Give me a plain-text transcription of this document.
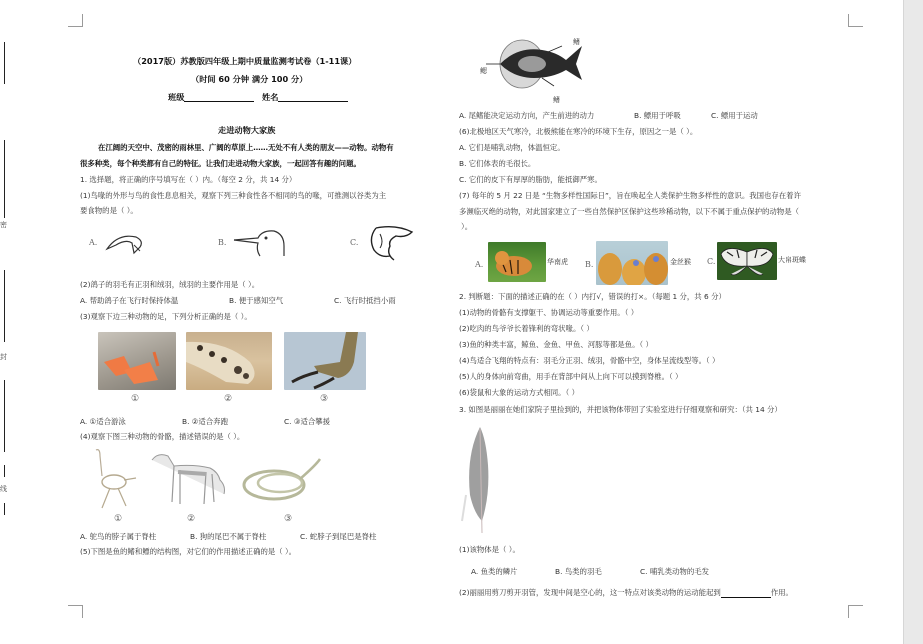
密
封
线
（2017版）苏教版四年级上期中质量监测考试卷（1-11课）
（时间 60 分钟 满分 100 分）
班级	姓名
走进动物大家族
在江阔的天空中、茂密的雨林里、广阔的草原上……无处不有人类的朋友——动物。动物有
很多种类，每个种类都有自己的特征。让我们走进动物大家族，一起回答有趣的问题。
1. 选择题，将正确的序号填写在（ ）内。（每空 2 分，共 14 分）
(1)鸟喙的外形与鸟的食性息息相关，观察下列三种食性各不相同的鸟的喙，可推测以谷类为主
要食物的是（ ）。
A.	B.	C.
(2)鸽子的羽毛有正羽和绒羽，绒羽的主要作用是（ ）。
A. 帮助鸽子在飞行时保持体温	B. 便于感知空气	C. 飞行时抵挡小雨
(3)观察下边三种动物的足，下列分析正确的是（ ）。
①	②	③
A. ①适合游泳	B. ②适合奔跑	C. ③适合攀援
(4)观察下图三种动物的骨骼，描述错误的是（ ）。
①	②	③
A. 鸵鸟的脖子属于脊柱	B. 狗的尾巴不属于脊柱	C. 蛇脖子到尾巴是脊柱
(5)下图是鱼的鳍和鳔的结构图，对它们的作用描述正确的是（ ）。
鳍
鳃
鳍
A. 尾鳍能决定运动方向，产生前进的动力	B. 鳔用于呼吸	C. 鳔用于运动
(6)北极地区天气寒冷，北极熊能在寒冷的环境下生存，原因之一是（ ）。
A. 它们是哺乳动物，体温恒定。
B. 它们体表的毛很长。
C. 它们的皮下有厚厚的脂肪，能抵御严寒。
(7) 每年的 5 月 22 日是 “生物多样性国际日”，旨在唤起全人类保护生物多样性的意识。我国也存在着许
多濒临灭绝的动物，对此国家建立了一些自然保护区保护这些珍稀动物，以下不属于重点保护的动物是（
）。
A.	华南虎 B.	金丝猴 C.	大帛斑蝶
2. 判断题：下面的描述正确的在（ ）内打√，错误的打×。（每题 1 分，共 6 分）
(1)动物的骨骼有支撑躯干、协调运动等重要作用。（ ）
(2)吃肉的鸟爷爷长着锋利的弯状喙。（ ）
(3)鱼的种类丰富，鲸鱼、金鱼、甲鱼、河豚等都是鱼。（ ）
(4)鸟适合飞翔的特点有：羽毛分正羽、绒羽，骨骼中空，身体呈流线型等。（ ）
(5)人的身体向前弯曲，用手在背部中间从上向下可以摸到脊椎。（ ）
(6)袋鼠和大象的运动方式相同。（ ）
3. 如图是丽丽在她们家院子里捡到的，并把该物体带回了实验室进行仔细观察和研究：（共 14 分）
(1)该物体是（ ）。
A. 鱼类的鳞片	B. 鸟类的羽毛	C. 哺乳类动物的毛发
(2)丽丽用剪刀剪开羽管，发现中间是空心的，这一特点对该类动物的运动能起到	作用。
